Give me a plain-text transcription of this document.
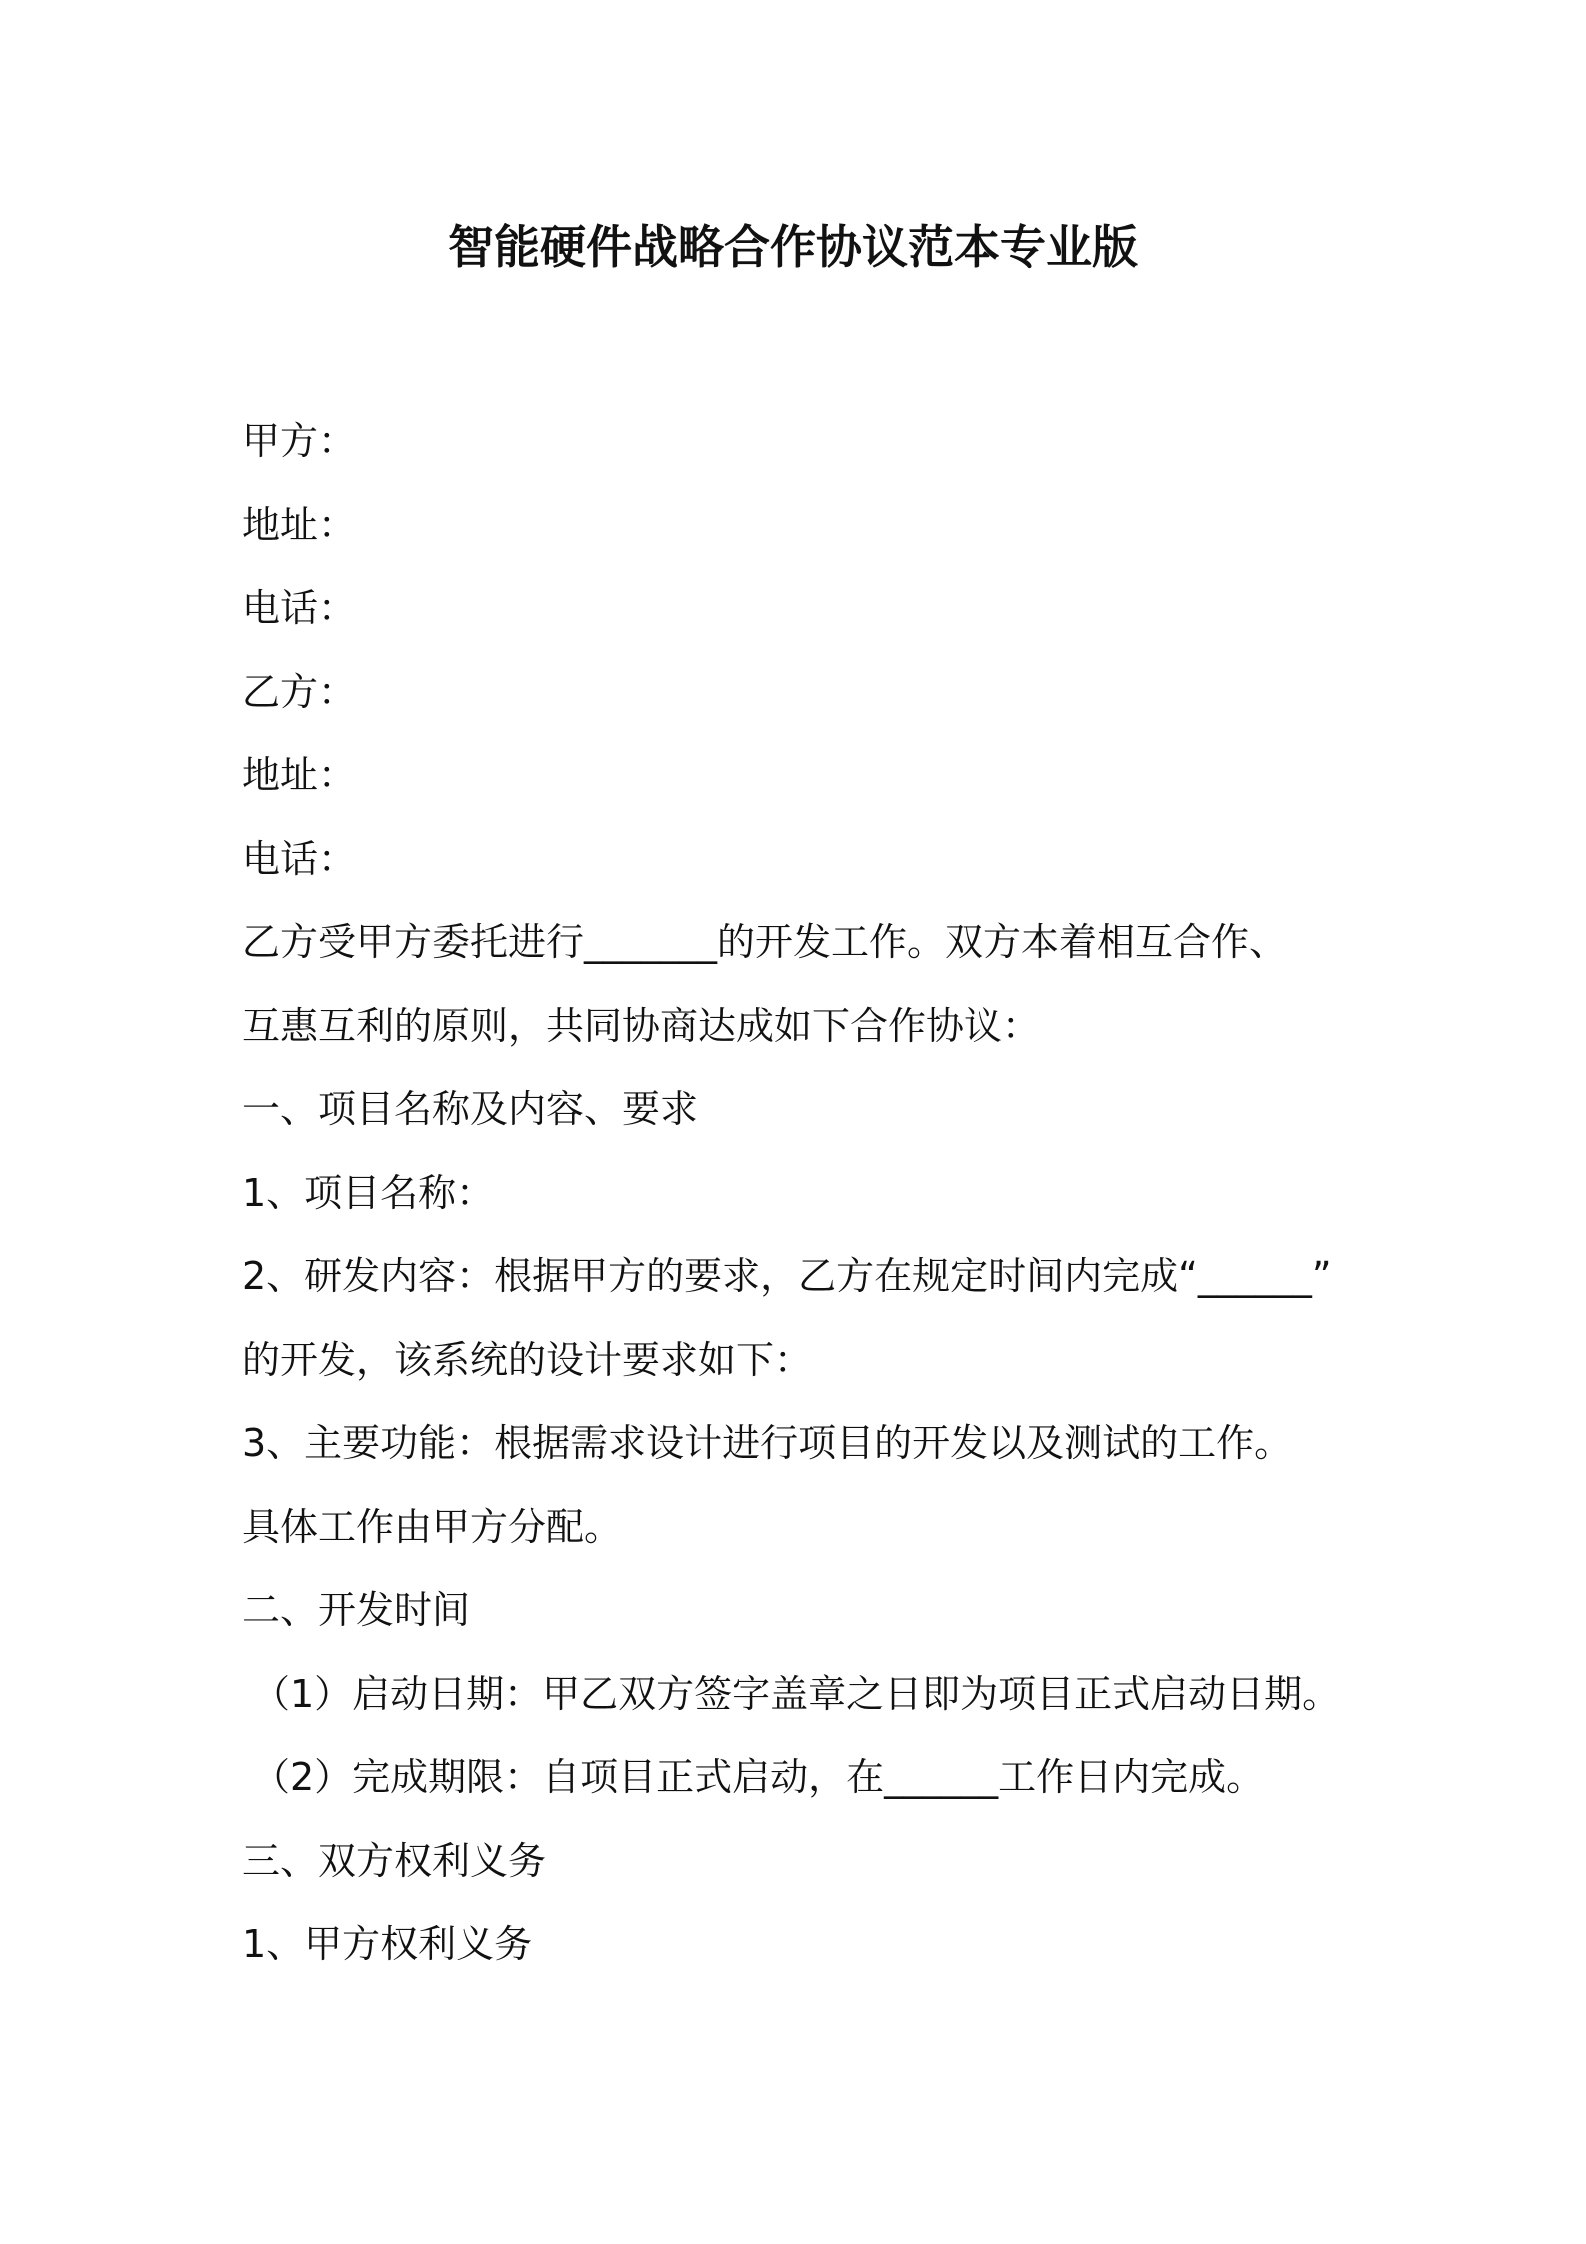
智能硬件战略合作协议范本专业版
甲方：
地址：
电话：
乙方：
地址：
电话：
乙方受甲方委托进行_______的开发工作。双方本着相互合作、
互惠互利的原则，共同协商达成如下合作协议：
一、项目名称及内容、要求
1、项目名称：
2、研发内容：根据甲方的要求，乙方在规定时间内完成“______”
的开发，该系统的设计要求如下：
3、主要功能：根据需求设计进行项目的开发以及测试的工作。
具体工作由甲方分配。
二、开发时间
（1）启动日期：甲乙双方签字盖章之日即为项目正式启动日期。
（2）完成期限：自项目正式启动，在______工作日内完成。
三、双方权利义务
1、甲方权利义务
